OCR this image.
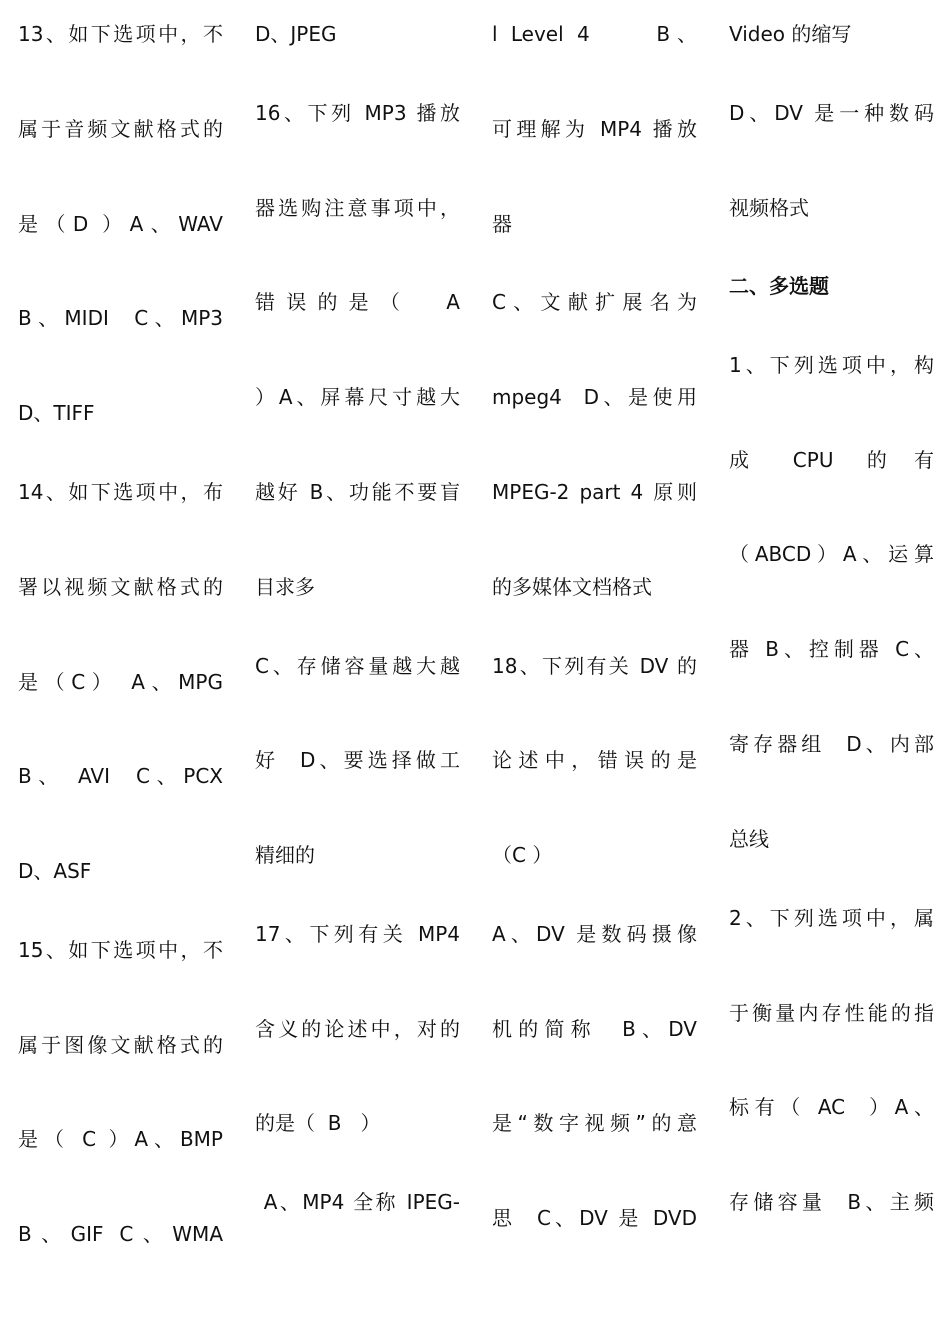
13、如下选项中，不
属于音频文献格式的
是（D ）A、WAV
B、MIDI  C、MP3
D、TIFF
14、如下选项中，布
署以视频文献格式的
是（C） A、MPG
B、 AVI  C、PCX
D、ASF
15、如下选项中，不
属于图像文献格式的
是（ C ）A、BMP
B、GIF C、WMA
D、JPEG
16、下列 MP3 播放
器选购注意事项中，
错误的是（  A
）A、屏幕尺寸越大
越好 B、功能不要盲
目求多
C、存储容量越大越
好  D、要选择做工
精细的
17、下列有关 MP4
含义的论述中，对的
的是（  B   ）
A、MP4 全称 IPEG-
l Level 4     B、
可理解为 MP4 播放
器
C、文献扩展名为
mpeg4  D、是使用
MPEG-2 part 4 原则
的多媒体文档格式
18、下列有关 DV 的
论述中，错误的是
（C ）
A、DV 是数码摄像
机的简称  B、DV
是“数字视频”的意
思  C、DV 是 DVD
Video 的缩写
D、DV 是一种数码
视频格式
二、多选题
1、下列选项中，构
成  CPU  的 有
（ABCD）A、运算
器 B、控制器 C、
寄存器组  D、内部
总线
2、下列选项中，属
于衡量内存性能的指
标有（ AC  ）A、
存储容量  B、主频
